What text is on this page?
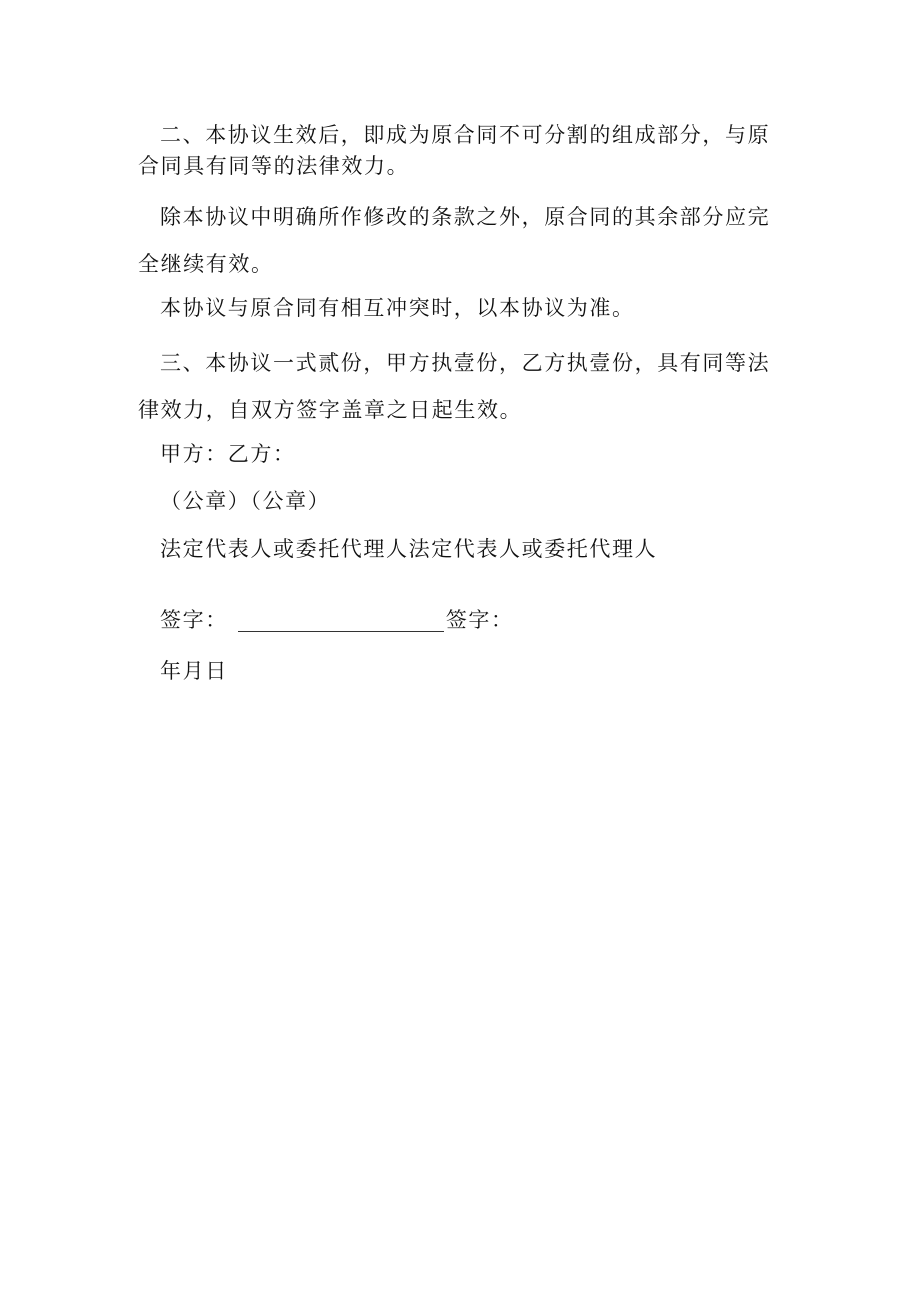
二、本协议生效后，即成为原合同不可分割的组成部分，与原合同具有同等的法律效力。

除本协议中明确所作修改的条款之外，原合同的其余部分应完全继续有效。

本协议与原合同有相互冲突时，以本协议为准。

三、本协议一式贰份，甲方执壹份，乙方执壹份，具有同等法律效力，自双方签字盖章之日起生效。

甲方：乙方：

（公章）（公章）

法定代表人或委托代理人法定代表人或委托代理人

签字：	签字：

年月日
